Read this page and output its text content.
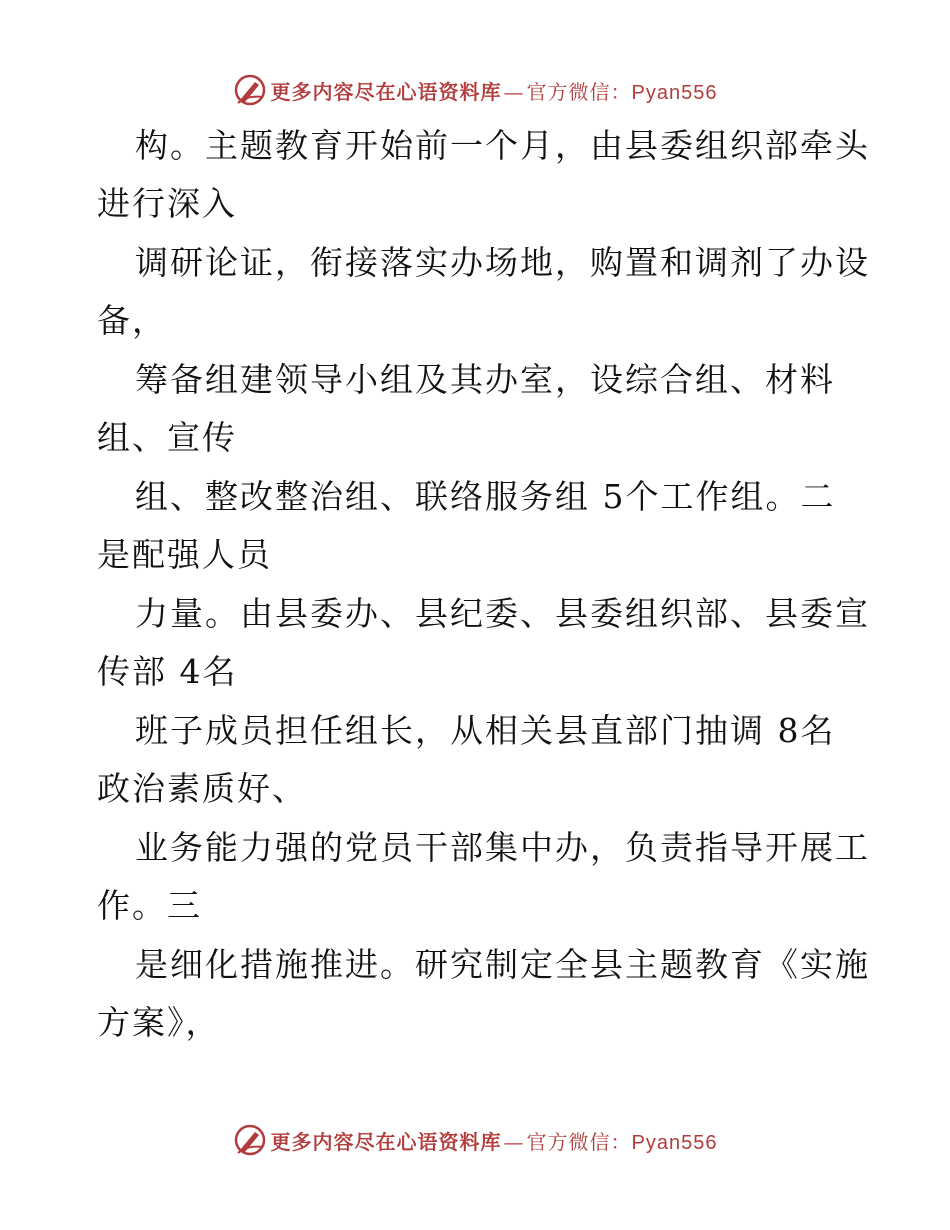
更多内容尽在心语资料库 — 官方微信：Pyan556
构。主题教育开始前一个月，由县委组织部牵头
进行深入
调研论证，衔接落实办场地，购置和调剂了办设
备，
筹备组建领导小组及其办室，设综合组、材料
组、宣传
组、整改整治组、联络服务组 5个工作组。二
是配强人员
力量。由县委办、县纪委、县委组织部、县委宣
传部 4名
班子成员担任组长，从相关县直部门抽调 8名
政治素质好、
业务能力强的党员干部集中办，负责指导开展工
作。三
是细化措施推进。研究制定全县主题教育《实施
方案》，
更多内容尽在心语资料库 — 官方微信：Pyan556
